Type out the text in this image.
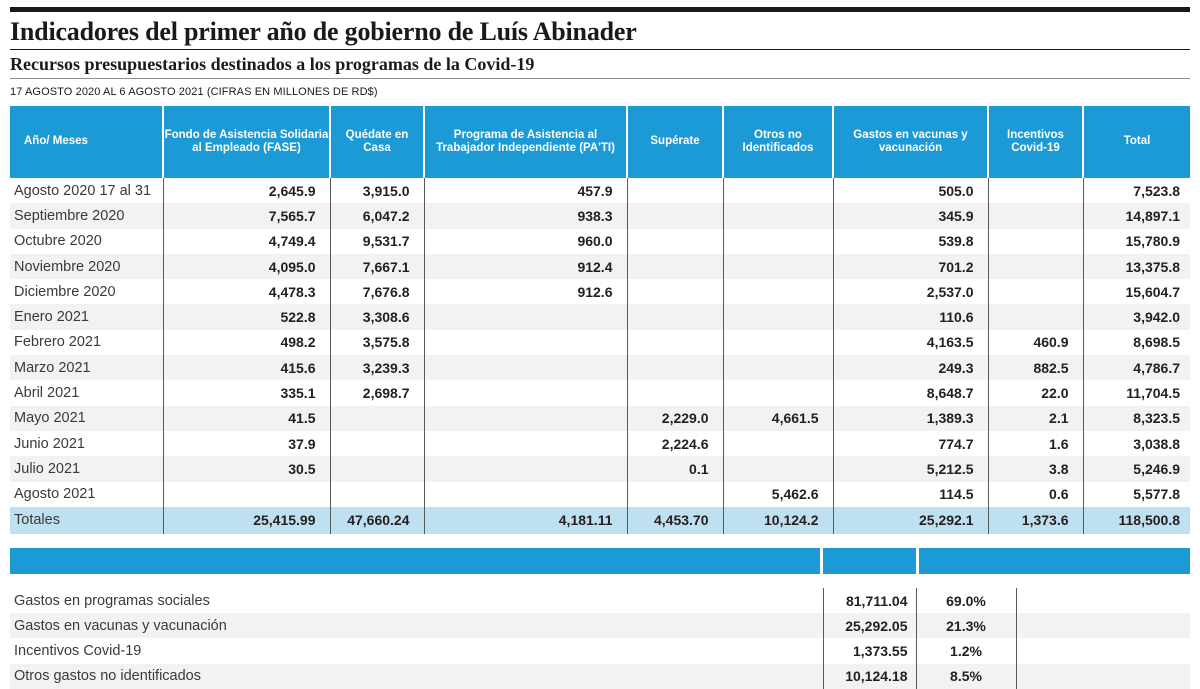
Indicadores del primer año de gobierno de Luís Abinader
Recursos presupuestarios destinados a los programas de la Covid-19
17 AGOSTO 2020 AL 6 AGOSTO 2021 (CIFRAS EN MILLONES DE RD$)
Año/ Meses	Fondo de Asistencia Solidaria al Empleado (FASE)	Quédate en Casa	Programa de Asistencia al Trabajador Independiente (PA'TI)	Supérate	Otros no Identificados	Gastos en vacunas y vacunación	Incentivos Covid-19	Total
Agosto 2020 17 al 31	2,645.9	3,915.0	457.9			505.0		7,523.8
Septiembre 2020	7,565.7	6,047.2	938.3			345.9		14,897.1
Octubre 2020	4,749.4	9,531.7	960.0			539.8		15,780.9
Noviembre 2020	4,095.0	7,667.1	912.4			701.2		13,375.8
Diciembre 2020	4,478.3	7,676.8	912.6			2,537.0		15,604.7
Enero 2021	522.8	3,308.6				110.6		3,942.0
Febrero 2021	498.2	3,575.8				4,163.5	460.9	8,698.5
Marzo 2021	415.6	3,239.3				249.3	882.5	4,786.7
Abril 2021	335.1	2,698.7				8,648.7	22.0	11,704.5
Mayo 2021	41.5			2,229.0	4,661.5	1,389.3	2.1	8,323.5
Junio 2021	37.9			2,224.6		774.7	1.6	3,038.8
Julio 2021	30.5			0.1		5,212.5	3.8	5,246.9
Agosto 2021					5,462.6	114.5	0.6	5,577.8
Totales	25,415.99	47,660.24	4,181.11	4,453.70	10,124.2	25,292.1	1,373.6	118,500.8
Gastos en programas sociales	81,711.04	69.0%	
Gastos en vacunas y vacunación	25,292.05	21.3%	
Incentivos Covid-19	1,373.55	1.2%	
Otros gastos no identificados	10,124.18	8.5%	
